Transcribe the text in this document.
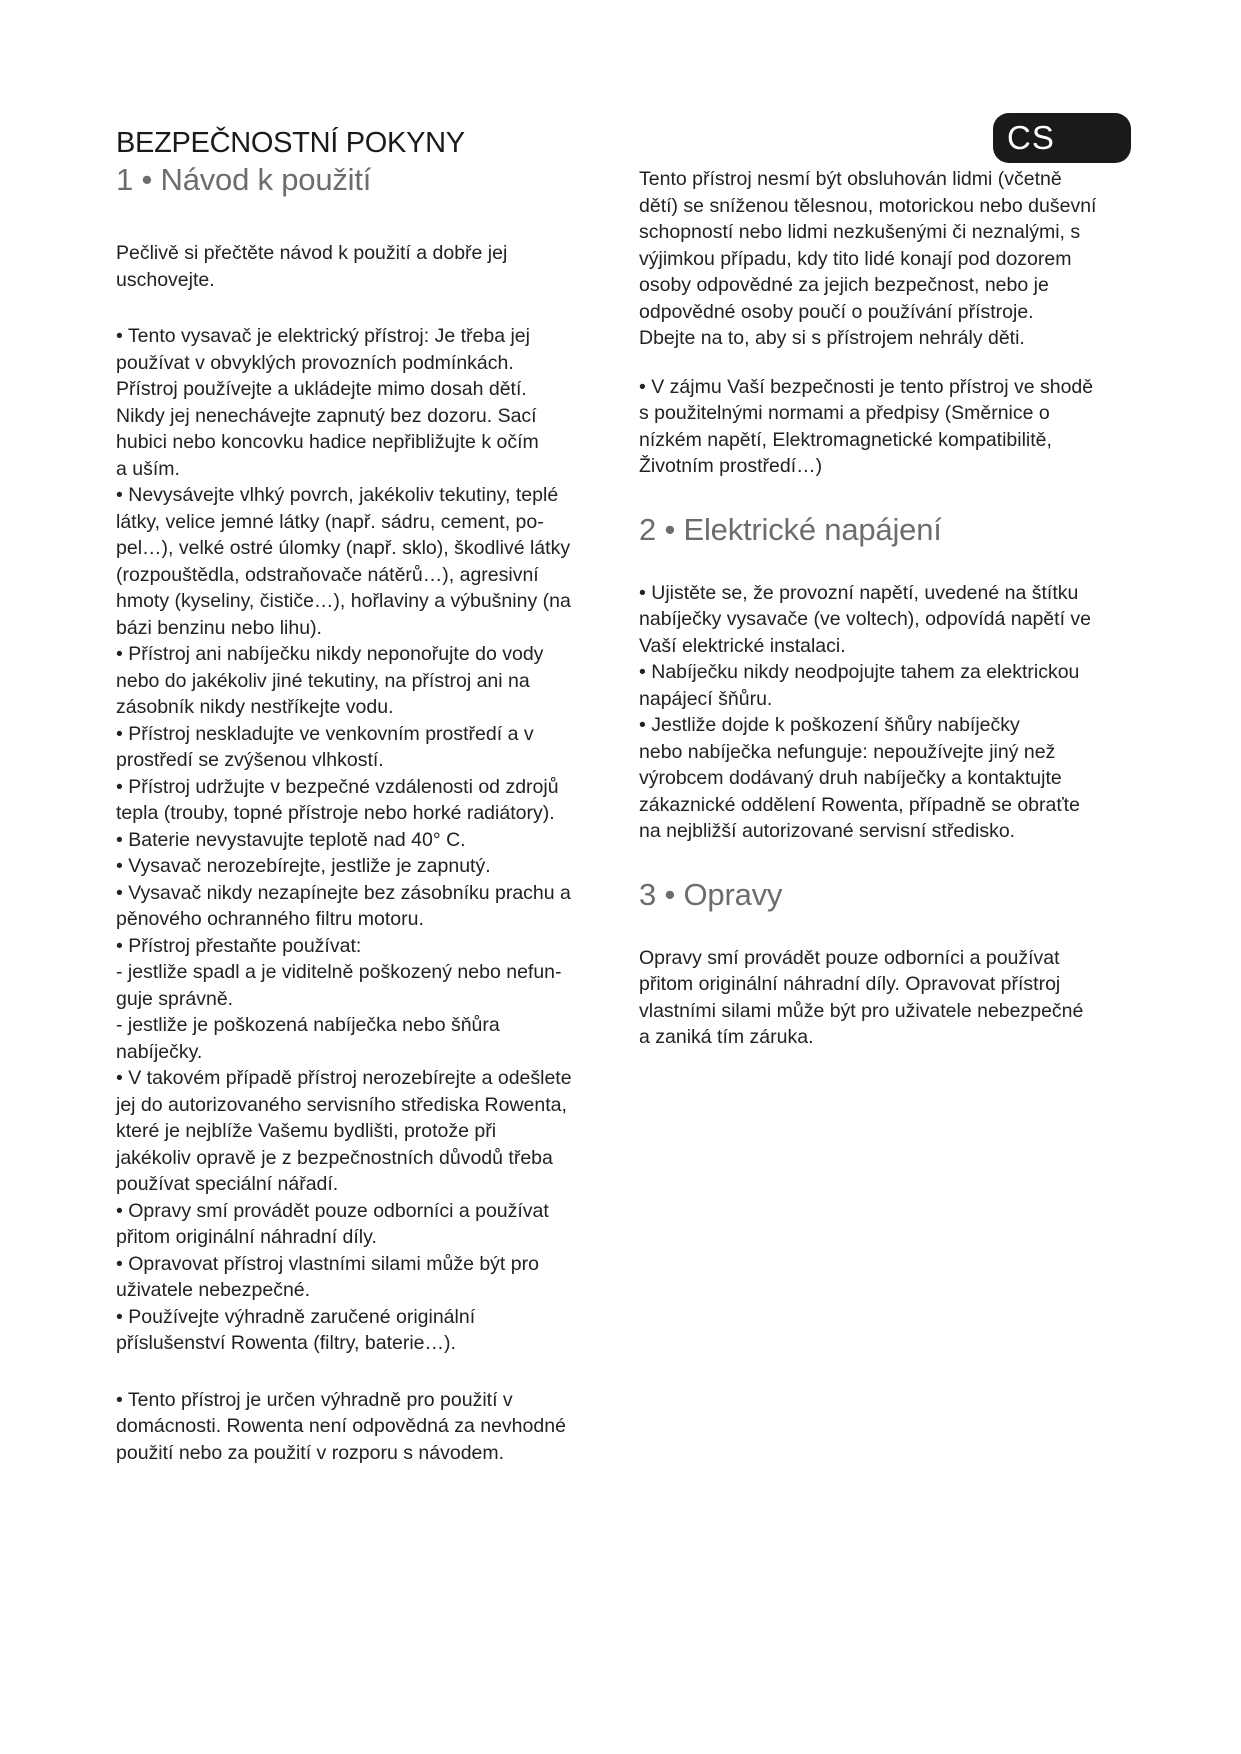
CS
BEZPEČNOSTNÍ POKYNY
1 • Návod k použití

Pečlivě si přečtěte návod k použití a dobře jej
uschovejte.

• Tento vysavač je elektrický přístroj: Je třeba jej
používat v obvyklých provozních podmínkách.
Přístroj používejte a ukládejte mimo dosah dětí.
Nikdy jej nenechávejte zapnutý bez dozoru. Sací
hubici nebo koncovku hadice nepřibližujte k očím
a uším.
• Nevysávejte vlhký povrch, jakékoliv tekutiny, teplé
látky, velice jemné látky (např. sádru, cement, po-
pel…), velké ostré úlomky (např. sklo), škodlivé látky
(rozpouštědla, odstraňovače nátěrů…), agresivní
hmoty (kyseliny, čističe…), hořlaviny a výbušniny (na
bázi benzinu nebo lihu).
• Přístroj ani nabíječku nikdy neponořujte do vody
nebo do jakékoliv jiné tekutiny, na přístroj ani na
zásobník nikdy nestříkejte vodu.
• Přístroj neskladujte ve venkovním prostředí a v
prostředí se zvýšenou vlhkostí.
• Přístroj udržujte v bezpečné vzdálenosti od zdrojů
tepla (trouby, topné přístroje nebo horké radiátory).
• Baterie nevystavujte teplotě nad 40° C.
• Vysavač nerozebírejte, jestliže je zapnutý.
• Vysavač nikdy nezapínejte bez zásobníku prachu a
pěnového ochranného filtru motoru.
• Přístroj přestaňte používat:
- jestliže spadl a je viditelně poškozený nebo nefun-
guje správně.
- jestliže je poškozená nabíječka nebo šňůra
nabíječky.
• V takovém případě přístroj nerozebírejte a odešlete
jej do autorizovaného servisního střediska Rowenta,
které je nejblíže Vašemu bydlišti, protože při
jakékoliv opravě je z bezpečnostních důvodů třeba
používat speciální nářadí.
• Opravy smí provádět pouze odborníci a používat
přitom originální náhradní díly.
• Opravovat přístroj vlastními silami může být pro
uživatele nebezpečné.
• Používejte výhradně zaručené originální
příslušenství Rowenta (filtry, baterie…).

• Tento přístroj je určen výhradně pro použití v
domácnosti. Rowenta není odpovědná za nevhodné
použití nebo za použití v rozporu s návodem.

Tento přístroj nesmí být obsluhován lidmi (včetně
dětí) se sníženou tělesnou, motorickou nebo duševní
schopností nebo lidmi nezkušenými či neznalými, s
výjimkou případu, kdy tito lidé konají pod dozorem
osoby odpovědné za jejich bezpečnost, nebo je
odpovědné osoby poučí o používání přístroje.
Dbejte na to, aby si s přístrojem nehrály děti.

• V zájmu Vaší bezpečnosti je tento přístroj ve shodě
s použitelnými normami a předpisy (Směrnice o
nízkém napětí, Elektromagnetické kompatibilitě,
Životním prostředí…)

2 • Elektrické napájení

• Ujistěte se, že provozní napětí, uvedené na štítku
nabíječky vysavače (ve voltech), odpovídá napětí ve
Vaší elektrické instalaci.
• Nabíječku nikdy neodpojujte tahem za elektrickou
napájecí šňůru.
• Jestliže dojde k poškození šňůry nabíječky
nebo nabíječka nefunguje: nepoužívejte jiný než
výrobcem dodávaný druh nabíječky a kontaktujte
zákaznické oddělení Rowenta, případně se obraťte
na nejbližší autorizované servisní středisko.

3 • Opravy

Opravy smí provádět pouze odborníci a používat
přitom originální náhradní díly. Opravovat přístroj
vlastními silami může být pro uživatele nebezpečné
a zaniká tím záruka.
